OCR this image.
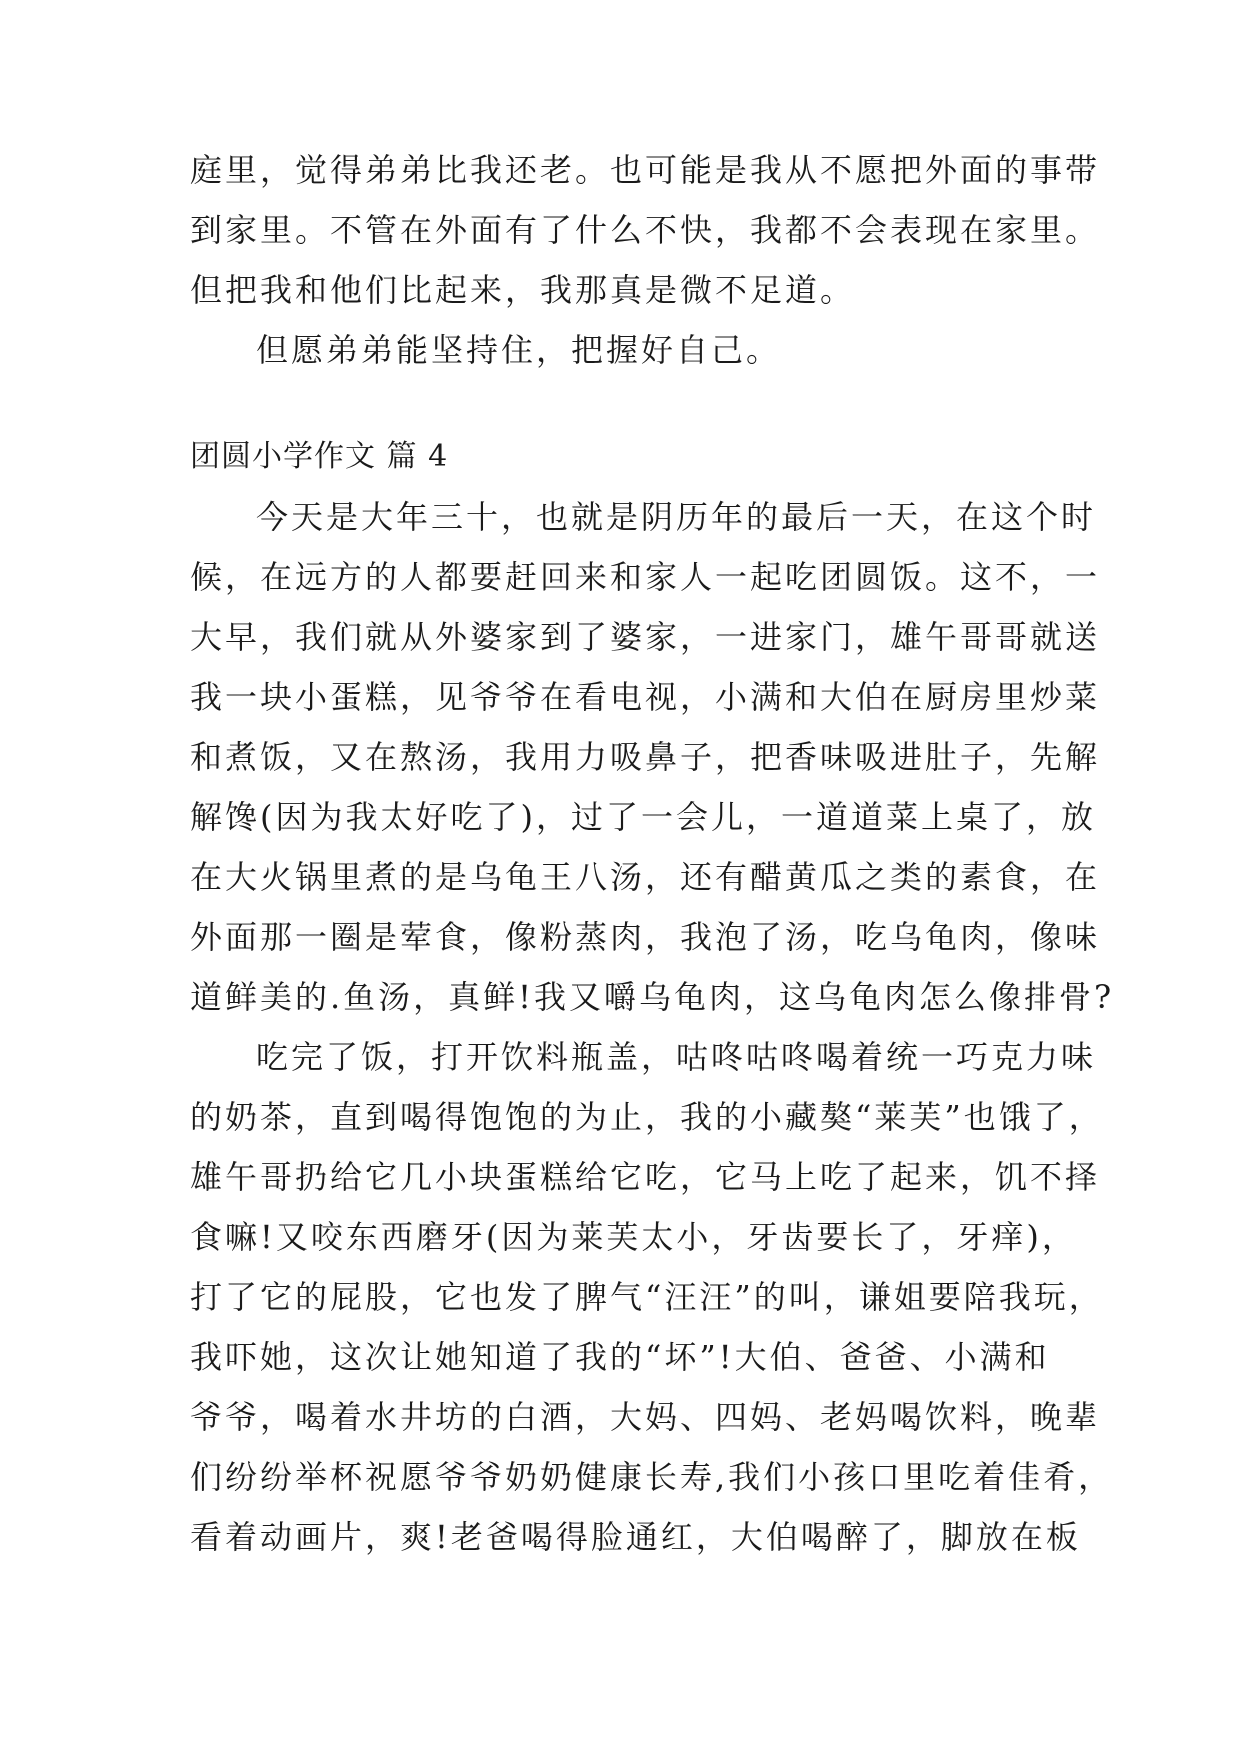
庭里，觉得弟弟比我还老。也可能是我从不愿把外面的事带
到家里。不管在外面有了什么不快，我都不会表现在家里。
但把我和他们比起来，我那真是微不足道。
但愿弟弟能坚持住，把握好自己。
团圆小学作文 篇 4
今天是大年三十，也就是阴历年的最后一天，在这个时
候，在远方的人都要赶回来和家人一起吃团圆饭。这不，一
大早，我们就从外婆家到了婆家，一进家门，雄午哥哥就送
我一块小蛋糕，见爷爷在看电视，小满和大伯在厨房里炒菜
和煮饭，又在熬汤，我用力吸鼻子，把香味吸进肚子，先解
解馋(因为我太好吃了)，过了一会儿，一道道菜上桌了，放
在大火锅里煮的是乌龟王八汤，还有醋黄瓜之类的素食，在
外面那一圈是荤食，像粉蒸肉，我泡了汤，吃乌龟肉，像味
道鲜美的.鱼汤，真鲜!我又嚼乌龟肉，这乌龟肉怎么像排骨?
吃完了饭，打开饮料瓶盖，咕咚咕咚喝着统一巧克力味
的奶茶，直到喝得饱饱的为止，我的小藏獒“莱芙”也饿了，
雄午哥扔给它几小块蛋糕给它吃，它马上吃了起来，饥不择
食嘛!又咬东西磨牙(因为莱芙太小，牙齿要长了，牙痒)，
打了它的屁股，它也发了脾气“汪汪”的叫，谦姐要陪我玩，
我吓她，这次让她知道了我的“坏”!大伯、爸爸、小满和
爷爷，喝着水井坊的白酒，大妈、四妈、老妈喝饮料，晚辈
们纷纷举杯祝愿爷爷奶奶健康长寿,我们小孩口里吃着佳肴，
看着动画片，爽!老爸喝得脸通红，大伯喝醉了，脚放在板
